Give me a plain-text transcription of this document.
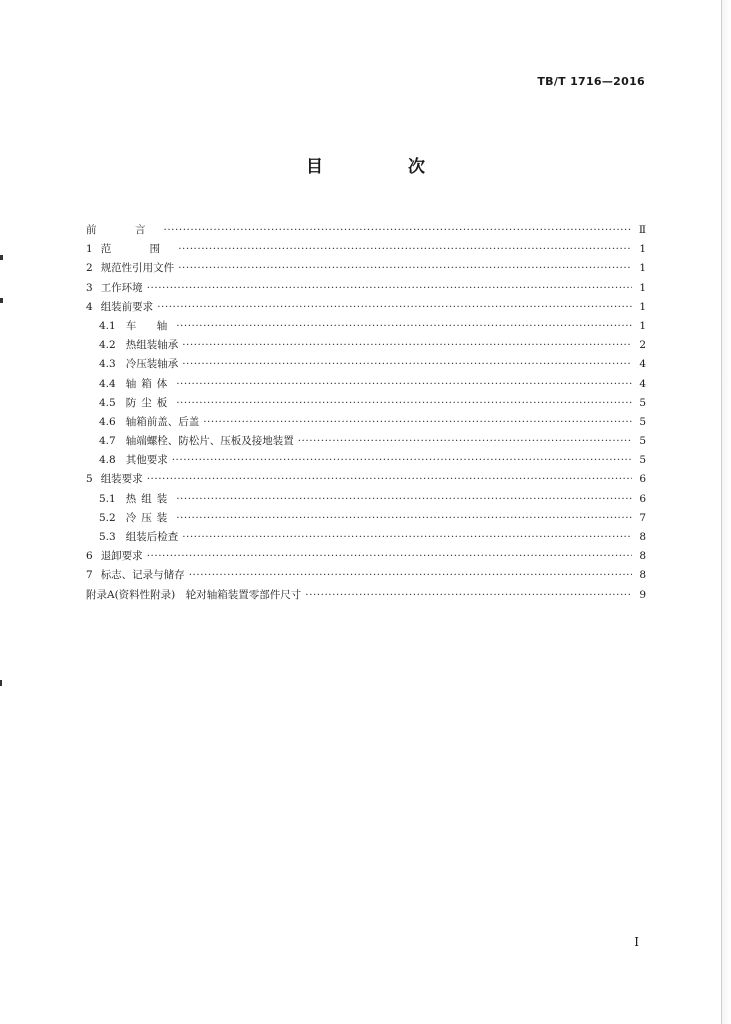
TB/T 1716—2016
目　次
前　言 ·····	Ⅱ
1 范　围 ·····	1
2 规范性引用文件 ·····	1
3 工作环境 ·····	1
4 组装前要求 ·····	1
4.1 车　轴 ·····	1
4.2 热组装轴承 ·····	2
4.3 冷压装轴承 ·····	4
4.4 轴箱体 ·····	4
4.5 防尘板 ·····	5
4.6 轴箱前盖、后盖 ·····	5
4.7 轴端螺栓、防松片、压板及接地装置 ·····	5
4.8 其他要求 ·····	5
5 组装要求 ·····	6
5.1 热组装 ·····	6
5.2 冷压装 ·····	7
5.3 组装后检查 ·····	8
6 退卸要求 ·····	8
7 标志、记录与储存 ·····	8
附录A(资料性附录)　轮对轴箱装置零部件尺寸 ·····	9
Ⅰ
